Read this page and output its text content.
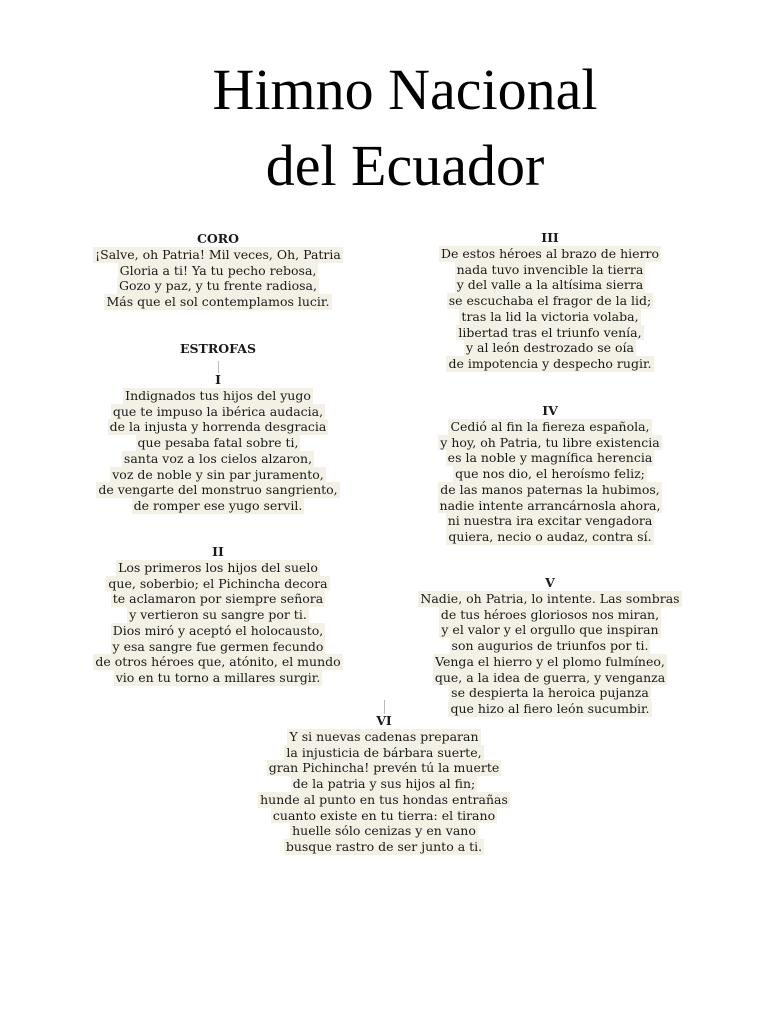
Himno Nacional
del Ecuador
CORO
¡Salve, oh Patria! Mil veces, Oh, Patria
Gloria a ti! Ya tu pecho rebosa,
Gozo y paz, y tu frente radiosa,
Más que el sol contemplamos lucir.
ESTROFAS
I
Indignados tus hijos del yugo
que te impuso la ibérica audacia,
de la injusta y horrenda desgracia
que pesaba fatal sobre ti,
santa voz a los cielos alzaron,
voz de noble y sin par juramento,
de vengarte del monstruo sangriento,
de romper ese yugo servil.
II
Los primeros los hijos del suelo
que, soberbio; el Pichincha decora
te aclamaron por siempre señora
y vertieron su sangre por ti.
Dios miró y aceptó el holocausto,
y esa sangre fue germen fecundo
de otros héroes que, atónito, el mundo
vio en tu torno a millares surgir.
III
De estos héroes al brazo de hierro
nada tuvo invencible la tierra
y del valle a la altísima sierra
se escuchaba el fragor de la lid;
tras la lid la victoria volaba,
libertad tras el triunfo venía,
y al león destrozado se oía
de impotencia y despecho rugir.
IV
Cedió al fin la fiereza española,
y hoy, oh Patria, tu libre existencia
es la noble y magnífica herencia
que nos dio, el heroísmo feliz;
de las manos paternas la hubimos,
nadie intente arrancárnosla ahora,
ni nuestra ira excitar vengadora
quiera, necio o audaz, contra sí.
V
Nadie, oh Patria, lo intente. Las sombras
de tus héroes gloriosos nos miran,
y el valor y el orgullo que inspiran
son augurios de triunfos por ti.
Venga el hierro y el plomo fulmíneo,
que, a la idea de guerra, y venganza
se despierta la heroica pujanza
que hizo al fiero león sucumbir.
VI
Y si nuevas cadenas preparan
la injusticia de bárbara suerte,
gran Pichincha! prevén tú la muerte
de la patria y sus hijos al fin;
hunde al punto en tus hondas entrañas
cuanto existe en tu tierra: el tirano
huelle sólo cenizas y en vano
busque rastro de ser junto a ti.
